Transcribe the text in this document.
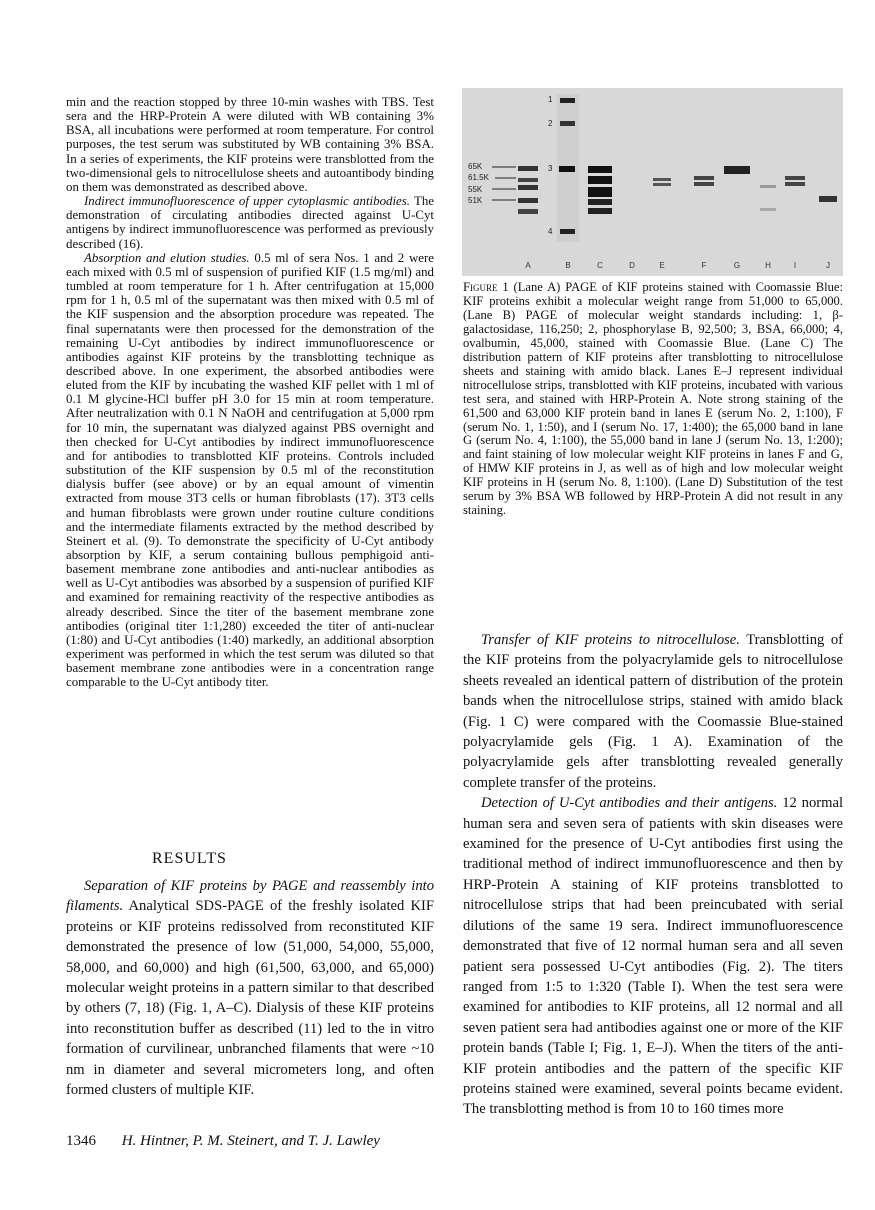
min and the reaction stopped by three 10-min washes with TBS. Test sera and the HRP-Protein A were diluted with WB containing 3% BSA, all incubations were performed at room temperature. For control purposes, the test serum was substituted by WB containing 3% BSA. In a series of experiments, the KIF proteins were transblotted from the two-dimensional gels to nitrocellulose sheets and autoantibody binding on them was demonstrated as described above.

Indirect immunofluorescence of upper cytoplasmic antibodies. The demonstration of circulating antibodies directed against U-Cyt antigens by indirect immunofluorescence was performed as previously described (16).

Absorption and elution studies. 0.5 ml of sera Nos. 1 and 2 were each mixed with 0.5 ml of suspension of purified KIF (1.5 mg/ml) and tumbled at room temperature for 1 h. After centrifugation at 15,000 rpm for 1 h, 0.5 ml of the supernatant was then mixed with 0.5 ml of the KIF suspension and the absorption procedure was repeated. The final supernatants were then processed for the demonstration of the remaining U-Cyt antibodies by indirect immunofluorescence or antibodies against KIF proteins by the transblotting technique as described above. In one experiment, the absorbed antibodies were eluted from the KIF by incubating the washed KIF pellet with 1 ml of 0.1 M glycine-HCl buffer pH 3.0 for 15 min at room temperature. After neutralization with 0.1 N NaOH and centrifugation at 5,000 rpm for 10 min, the supernatant was dialyzed against PBS overnight and then checked for U-Cyt antibodies by indirect immunofluorescence and for antibodies to transblotted KIF proteins. Controls included substitution of the KIF suspension by 0.5 ml of the reconstitution dialysis buffer (see above) or by an equal amount of vimentin extracted from mouse 3T3 cells or human fibroblasts (17). 3T3 cells and human fibroblasts were grown under routine culture conditions and the intermediate filaments extracted by the method described by Steinert et al. (9). To demonstrate the specificity of U-Cyt antibody absorption by KIF, a serum containing bullous pemphigoid anti-basement membrane zone antibodies and anti-nuclear antibodies as well as U-Cyt antibodies was absorbed by a suspension of purified KIF and examined for remaining reactivity of the respective antibodies as already described. Since the titer of the basement membrane zone antibodies (original titer 1:1,280) exceeded the titer of anti-nuclear (1:80) and U-Cyt antibodies (1:40) markedly, an additional absorption experiment was performed in which the test serum was diluted so that basement membrane zone antibodies were in a concentration range comparable to the U-Cyt antibody titer.

RESULTS

Separation of KIF proteins by PAGE and reassembly into filaments. Analytical SDS-PAGE of the freshly isolated KIF proteins or KIF proteins redissolved from reconstituted KIF demonstrated the presence of low (51,000, 54,000, 55,000, 58,000, and 60,000) and high (61,500, 63,000, and 65,000) molecular weight proteins in a pattern similar to that described by others (7, 18) (Fig. 1, A–C). Dialysis of these KIF proteins into reconstitution buffer as described (11) led to the in vitro formation of curvilinear, unbranched filaments that were ~10 nm in diameter and several micrometers long, and often formed clusters of multiple KIF.

65K
61.5K
55K
51K
1
2
3
4
A	B	C	D	E	F	G	H	I	J
Figure 1 (Lane A) PAGE of KIF proteins stained with Coomassie Blue: KIF proteins exhibit a molecular weight range from 51,000 to 65,000. (Lane B) PAGE of molecular weight standards including: 1, β-galactosidase, 116,250; 2, phosphorylase B, 92,500; 3, BSA, 66,000; 4, ovalbumin, 45,000, stained with Coomassie Blue. (Lane C) The distribution pattern of KIF proteins after transblotting to nitrocellulose sheets and staining with amido black. Lanes E–J represent individual nitrocellulose strips, transblotted with KIF proteins, incubated with various test sera, and stained with HRP-Protein A. Note strong staining of the 61,500 and 63,000 KIF protein band in lanes E (serum No. 2, 1:100), F (serum No. 1, 1:50), and I (serum No. 17, 1:400); the 65,000 band in lane G (serum No. 4, 1:100), the 55,000 band in lane J (serum No. 13, 1:200); and faint staining of low molecular weight KIF proteins in lanes F and G, of HMW KIF proteins in J, as well as of high and low molecular weight KIF proteins in H (serum No. 8, 1:100). (Lane D) Substitution of the test serum by 3% BSA WB followed by HRP-Protein A did not result in any staining.

Transfer of KIF proteins to nitrocellulose. Transblotting of the KIF proteins from the polyacrylamide gels to nitrocellulose sheets revealed an identical pattern of distribution of the protein bands when the nitrocellulose strips, stained with amido black (Fig. 1 C) were compared with the Coomassie Blue-stained polyacrylamide gels (Fig. 1 A). Examination of the polyacrylamide gels after transblotting revealed generally complete transfer of the proteins.

Detection of U-Cyt antibodies and their antigens. 12 normal human sera and seven sera of patients with skin diseases were examined for the presence of U-Cyt antibodies first using the traditional method of indirect immunofluorescence and then by HRP-Protein A staining of KIF proteins transblotted to nitrocellulose strips that had been preincubated with serial dilutions of the same 19 sera. Indirect immunofluorescence demonstrated that five of 12 normal human sera and all seven patient sera possessed U-Cyt antibodies (Fig. 2). The titers ranged from 1:5 to 1:320 (Table I). When the test sera were examined for antibodies to KIF proteins, all 12 normal and all seven patient sera had antibodies against one or more of the KIF protein bands (Table I; Fig. 1, E–J). When the titers of the anti-KIF protein antibodies and the pattern of the specific KIF proteins stained were examined, several points became evident. The transblotting method is from 10 to 160 times more

1346 H. Hintner, P. M. Steinert, and T. J. Lawley
